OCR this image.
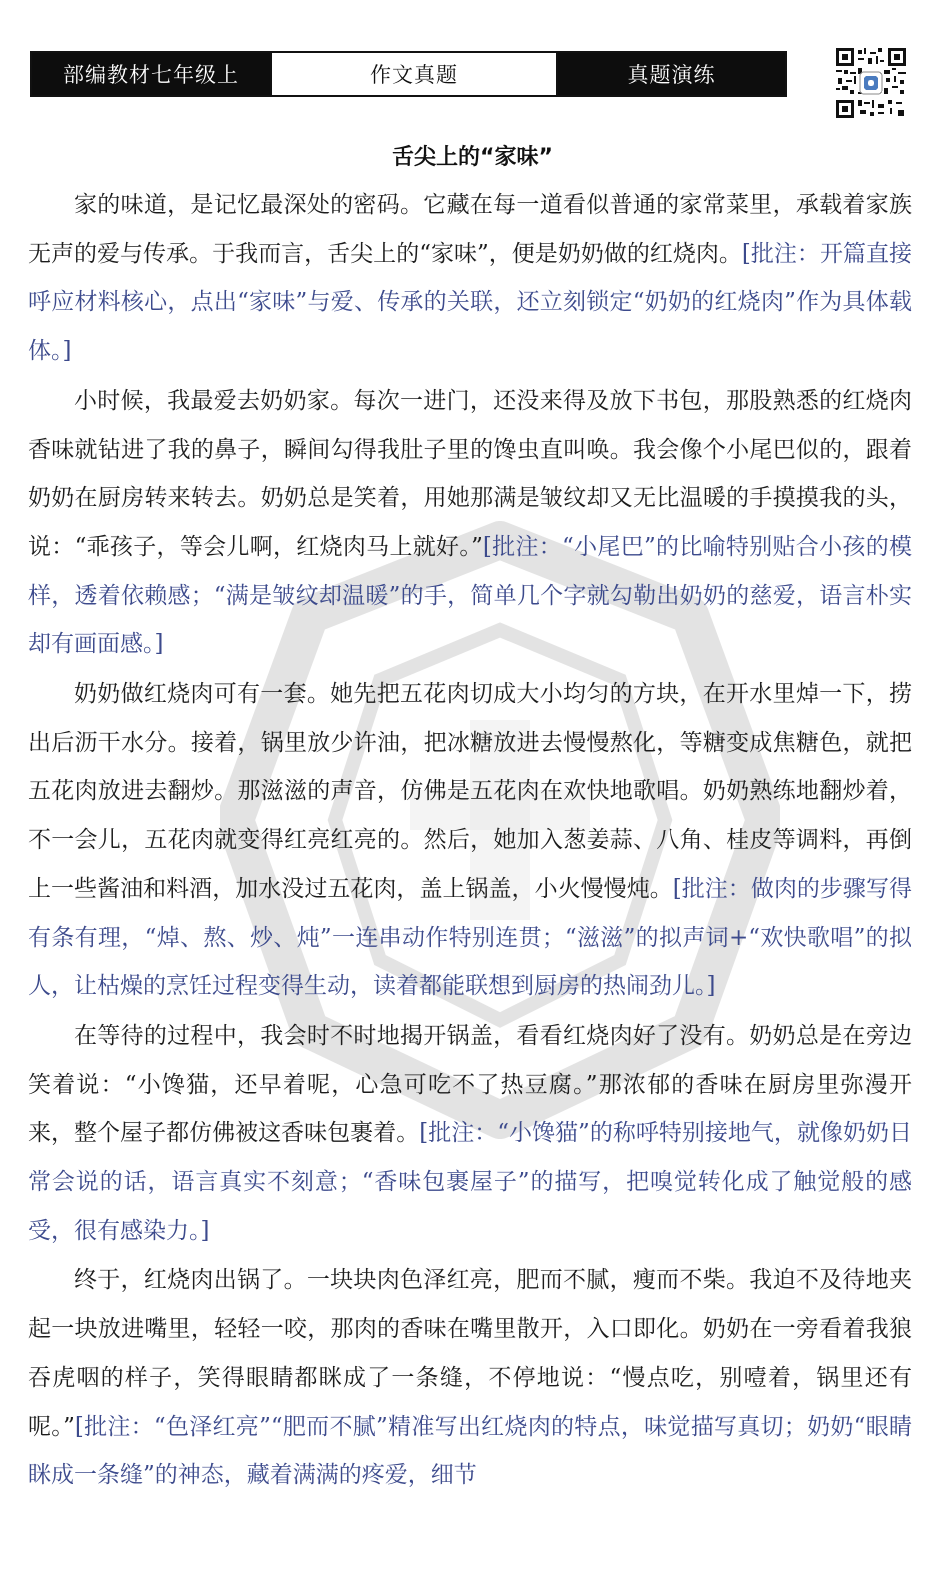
部编教材七年级上	作文真题	真题演练
舌尖上的“家味”

家的味道，是记忆最深处的密码。它藏在每一道看似普通的家常菜里，承载着家族无声的爱与传承。于我而言，舌尖上的“家味”，便是奶奶做的红烧肉。[批注：开篇直接呼应材料核心，点出“家味”与爱、传承的关联，还立刻锁定“奶奶的红烧肉”作为具体载体。]

小时候，我最爱去奶奶家。每次一进门，还没来得及放下书包，那股熟悉的红烧肉香味就钻进了我的鼻子，瞬间勾得我肚子里的馋虫直叫唤。我会像个小尾巴似的，跟着奶奶在厨房转来转去。奶奶总是笑着，用她那满是皱纹却又无比温暖的手摸摸我的头，说：“乖孩子，等会儿啊，红烧肉马上就好。”[批注：“小尾巴”的比喻特别贴合小孩的模样，透着依赖感；“满是皱纹却温暖”的手，简单几个字就勾勒出奶奶的慈爱，语言朴实却有画面感。]

奶奶做红烧肉可有一套。她先把五花肉切成大小均匀的方块，在开水里焯一下，捞出后沥干水分。接着，锅里放少许油，把冰糖放进去慢慢熬化，等糖变成焦糖色，就把五花肉放进去翻炒。那滋滋的声音，仿佛是五花肉在欢快地歌唱。奶奶熟练地翻炒着，不一会儿，五花肉就变得红亮红亮的。然后，她加入葱姜蒜、八角、桂皮等调料，再倒上一些酱油和料酒，加水没过五花肉，盖上锅盖，小火慢慢炖。[批注：做肉的步骤写得有条有理，“焯、熬、炒、炖”一连串动作特别连贯；“滋滋”的拟声词+“欢快歌唱”的拟人，让枯燥的烹饪过程变得生动，读着都能联想到厨房的热闹劲儿。]

在等待的过程中，我会时不时地揭开锅盖，看看红烧肉好了没有。奶奶总是在旁边笑着说：“小馋猫，还早着呢，心急可吃不了热豆腐。”那浓郁的香味在厨房里弥漫开来，整个屋子都仿佛被这香味包裹着。[批注：“小馋猫”的称呼特别接地气，就像奶奶日常会说的话，语言真实不刻意；“香味包裹屋子”的描写，把嗅觉转化成了触觉般的感受，很有感染力。]

终于，红烧肉出锅了。一块块肉色泽红亮，肥而不腻，瘦而不柴。我迫不及待地夹起一块放进嘴里，轻轻一咬，那肉的香味在嘴里散开，入口即化。奶奶在一旁看着我狼吞虎咽的样子，笑得眼睛都眯成了一条缝，不停地说：“慢点吃，别噎着，锅里还有呢。”[批注：“色泽红亮”“肥而不腻”精准写出红烧肉的特点，味觉描写真切；奶奶“眼睛眯成一条缝”的神态，藏着满满的疼爱，细节
